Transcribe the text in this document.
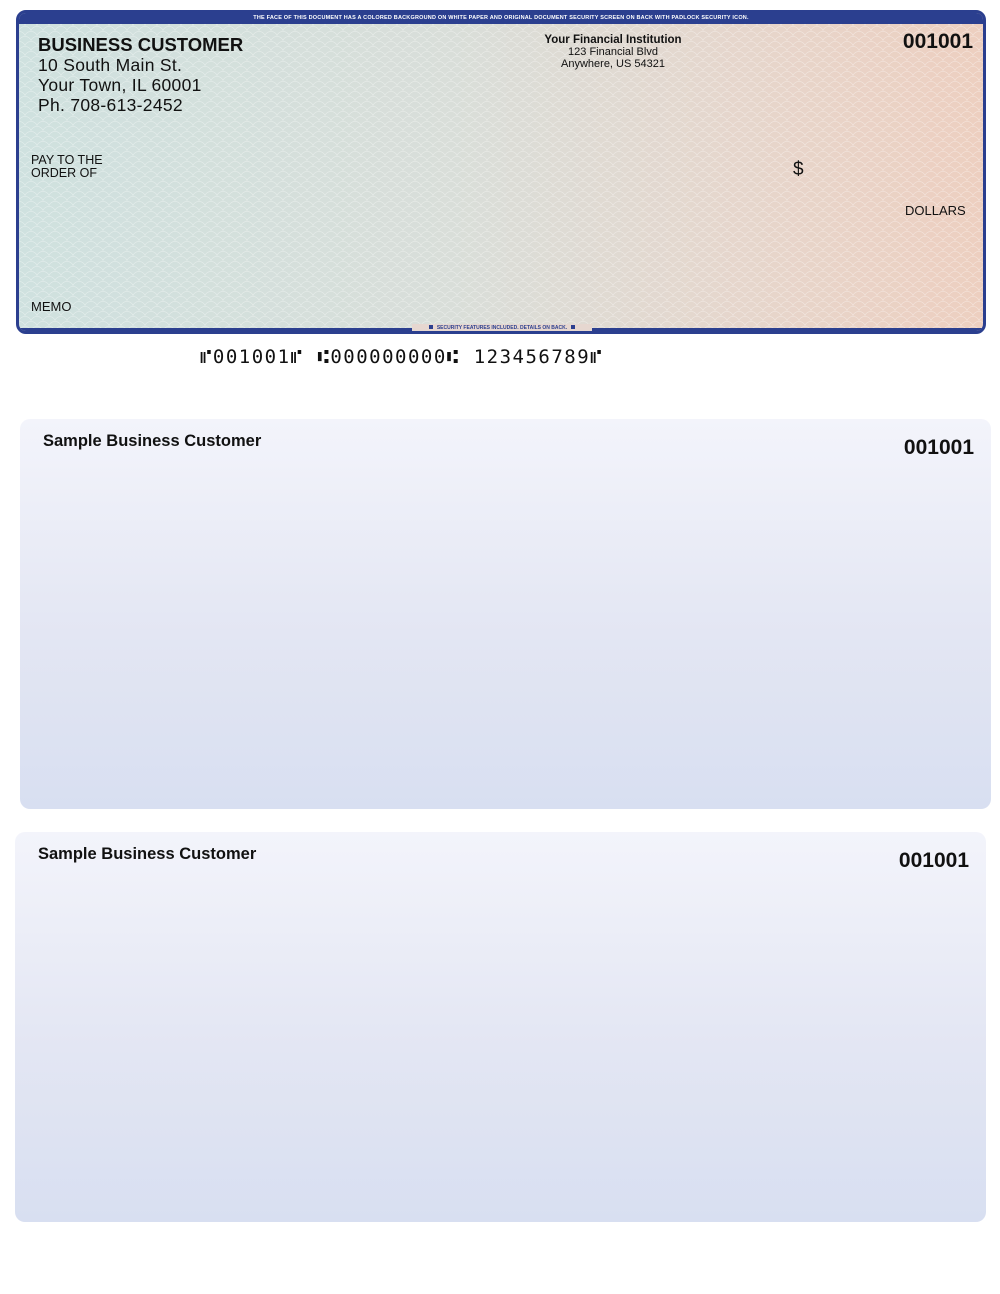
THE FACE OF THIS DOCUMENT HAS A COLORED BACKGROUND ON WHITE PAPER AND ORIGINAL DOCUMENT SECURITY SCREEN ON BACK WITH PADLOCK SECURITY ICON.
BUSINESS CUSTOMER
10 South Main St.
Your Town, IL 60001
Ph. 708-613-2452
Your Financial Institution
123 Financial Blvd
Anywhere, US 54321
001001
PAY TO THE
ORDER OF	$
DOLLARS
MEMO
SECURITY FEATURES INCLUDED. DETAILS ON BACK.
⑈001001⑈ ⑆000000000⑆ 123456789⑈
Sample Business Customer	001001
Sample Business Customer	001001
